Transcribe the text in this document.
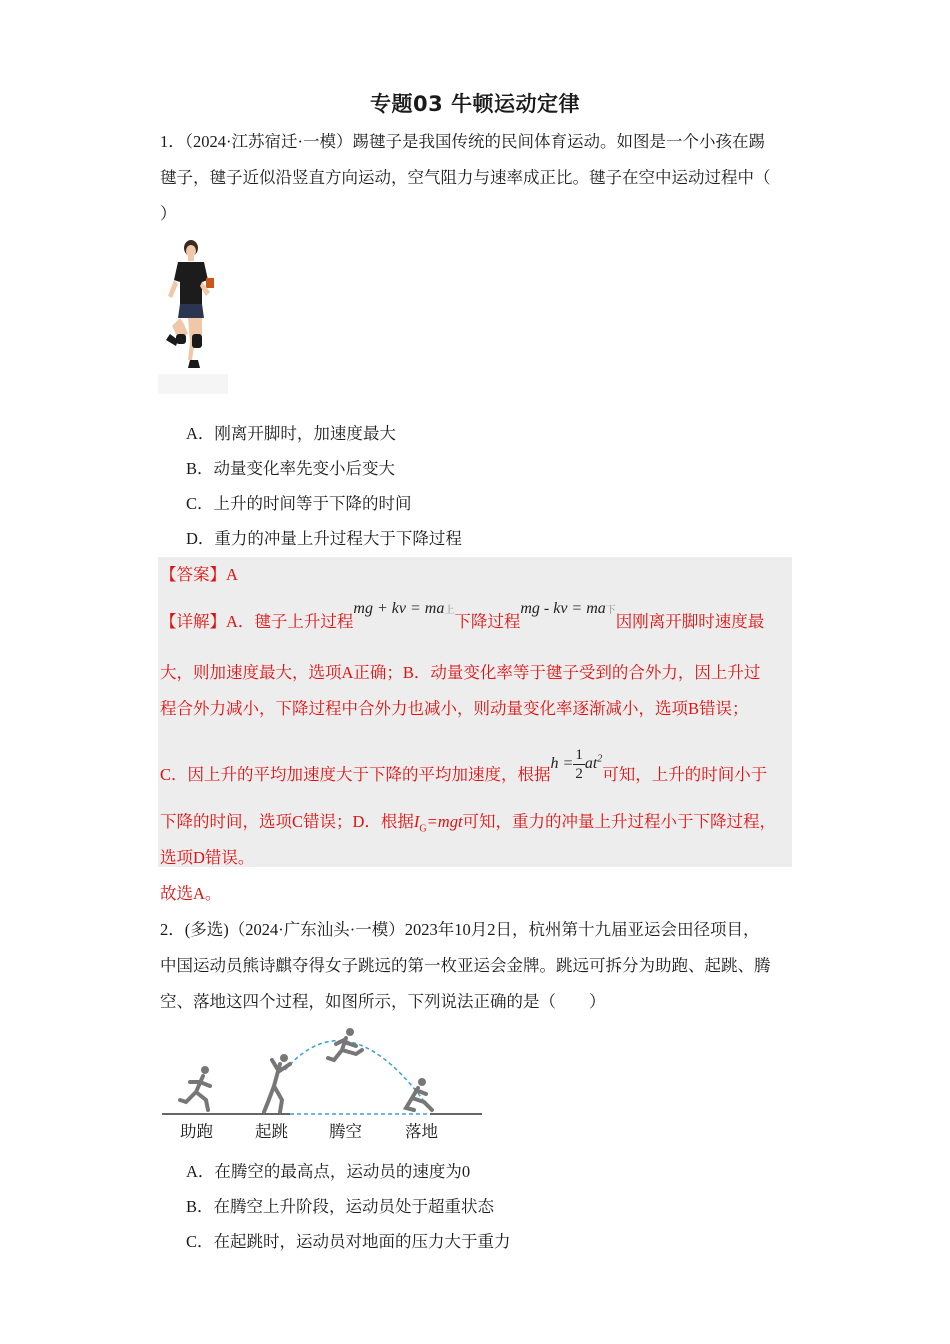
专题03 牛顿运动定律
1．（2024·江苏宿迁·一模）踢毽子是我国传统的民间体育运动。如图是一个小孩在踢
毽子，毽子近似沿竖直方向运动，空气阻力与速率成正比。毽子在空中运动过程中（
）
A．刚离开脚时，加速度最大
B．动量变化率先变小后变大
C．上升的时间等于下降的时间
D．重力的冲量上升过程大于下降过程
【答案】A
【详解】A．毽子上升过程mg + kv = ma上下降过程mg - kv = ma下因刚离开脚时速度最
大，则加速度最大，选项A正确；B．动量变化率等于毽子受到的合外力，因上升过
程合外力减小，下降过程中合外力也减小，则动量变化率逐渐减小，选项B错误；
C．因上升的平均加速度大于下降的平均加速度，根据$h = \frac{1}{2} at^2$可知，上升的时间小于
下降的时间，选项C错误；D．根据$I_G=mgt$可知，重力的冲量上升过程小于下降过程，
选项D错误。
故选A。
2．(多选)（2024·广东汕头·一模）2023年10月2日，杭州第十九届亚运会田径项目，
中国运动员熊诗麒夺得女子跳远的第一枚亚运会金牌。跳远可拆分为助跑、起跳、腾
空、落地这四个过程，如图所示，下列说法正确的是（　　）
助跑	起跳 腾空	落地
A．在腾空的最高点，运动员的速度为0
B．在腾空上升阶段，运动员处于超重状态
C．在起跳时，运动员对地面的压力大于重力
